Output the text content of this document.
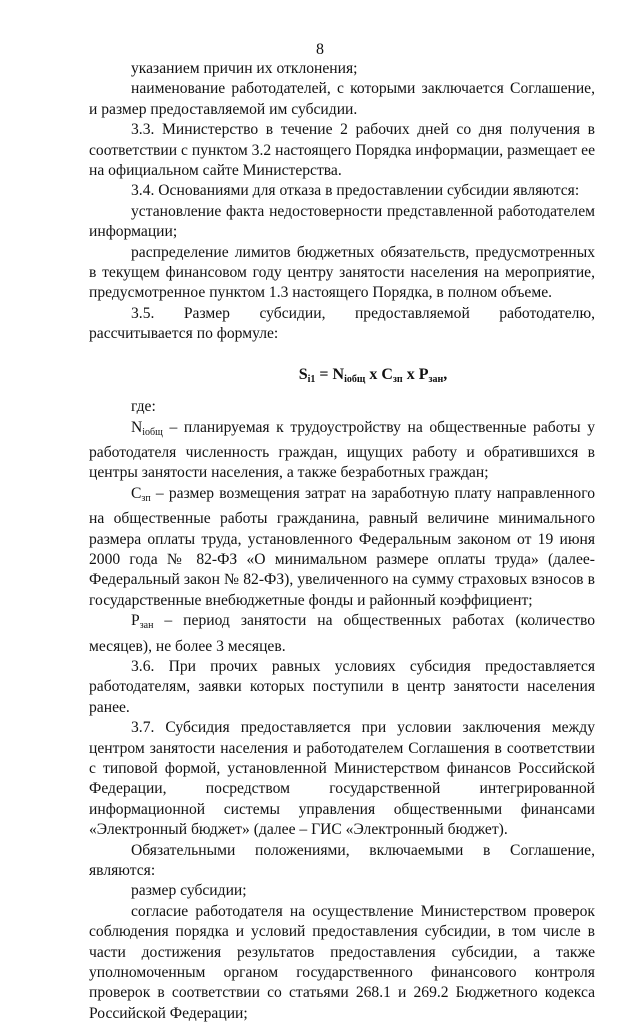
8

указанием причин их отклонения;

наименование работодателей, с которыми заключается Соглашение, и размер предоставляемой им субсидии.

3.3. Министерство в течение 2 рабочих дней со дня получения в соответствии с пунктом 3.2 настоящего Порядка информации, размещает ее на официальном сайте Министерства.

3.4. Основаниями для отказа в предоставлении субсидии являются:

установление факта недостоверности представленной работодателем информации;

распределение лимитов бюджетных обязательств, предусмотренных в текущем финансовом году центру занятости населения на мероприятие, предусмотренное пунктом 1.3 настоящего Порядка, в полном объеме.

3.5. Размер субсидии, предоставляемой работодателю, рассчитывается по формуле:

$S_{i1} = N_{iобщ}$ x $C_{зп}$ x $P_{зан}$,

где:

Niобщ – планируемая к трудоустройству на общественные работы у работодателя численность граждан, ищущих работу и обратившихся в центры занятости населения, а также безработных граждан;

Cзп – размер возмещения затрат на заработную плату направленного на общественные работы гражданина, равный величине минимального размера оплаты труда, установленного Федеральным законом от 19 июня 2000 года № 82-ФЗ «О минимальном размере оплаты труда» (далее- Федеральный закон № 82-ФЗ), увеличенного на сумму страховых взносов в государственные внебюджетные фонды и районный коэффициент;

Pзан – период занятости на общественных работах (количество месяцев), не более 3 месяцев.

3.6. При прочих равных условиях субсидия предоставляется работодателям, заявки которых поступили в центр занятости населения ранее.

3.7. Субсидия предоставляется при условии заключения между центром занятости населения и работодателем Соглашения в соответствии с типовой формой, установленной Министерством финансов Российской Федерации, посредством государственной интегрированной информационной системы управления общественными финансами «Электронный бюджет» (далее – ГИС «Электронный бюджет).

Обязательными положениями, включаемыми в Соглашение, являются:

размер субсидии;

согласие работодателя на осуществление Министерством проверок соблюдения порядка и условий предоставления субсидии, в том числе в части достижения результатов предоставления субсидии, а также уполномоченным органом государственного финансового контроля проверок в соответствии со статьями 268.1 и 269.2 Бюджетного кодекса Российской Федерации;
